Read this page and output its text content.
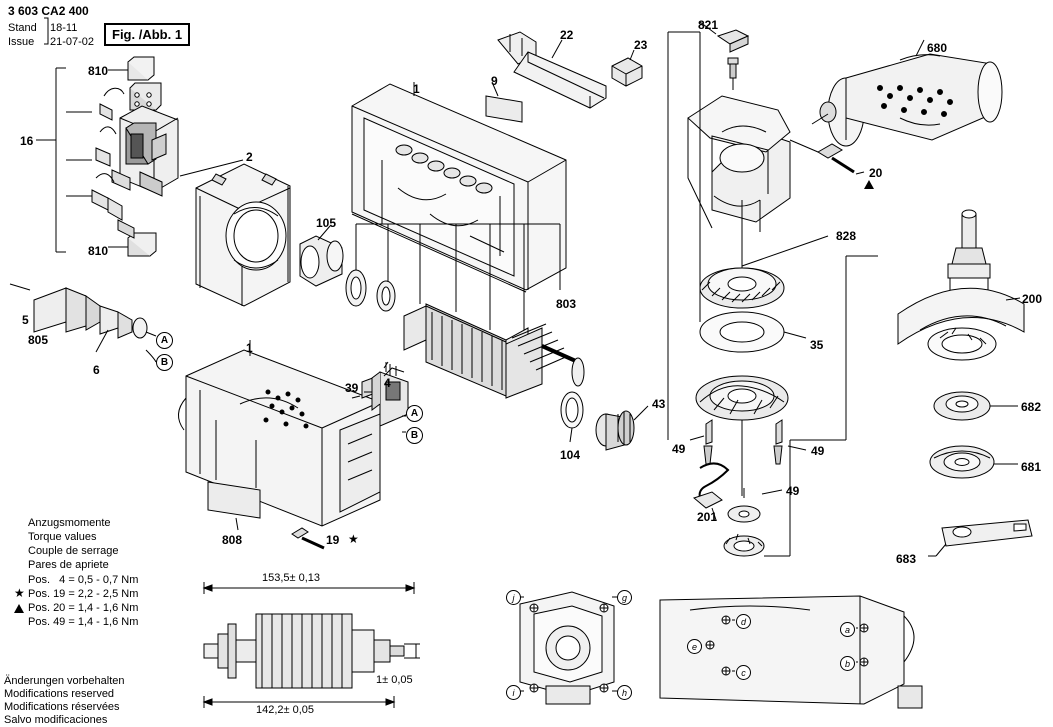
3 603 CA2 400
Stand
Issue
18-11
21-07-02	Fig. /Abb. 1
810
16
810
2
105
1
9
22
23
821
680
20
828
200
803
35
5
805
6
1
4
39
43
104
682
681
49	49
49
201
683
808	19 ★
A
B
A
B
j	g
i	h
d
e
c
a
b
153,5± 0,13
142,2± 0,05
1± 0,05
Anzugsmomente
Torque values
Couple de serrage
Pares de apriete
Pos.   4 = 0,5 - 0,7 Nm
★ Pos. 19 = 2,2 - 2,5 Nm
Pos. 20 = 1,4 - 1,6 Nm
Pos. 49 = 1,4 - 1,6 Nm
Änderungen vorbehalten
Modifications reserved
Modifications réservées
Salvo modificaciones
